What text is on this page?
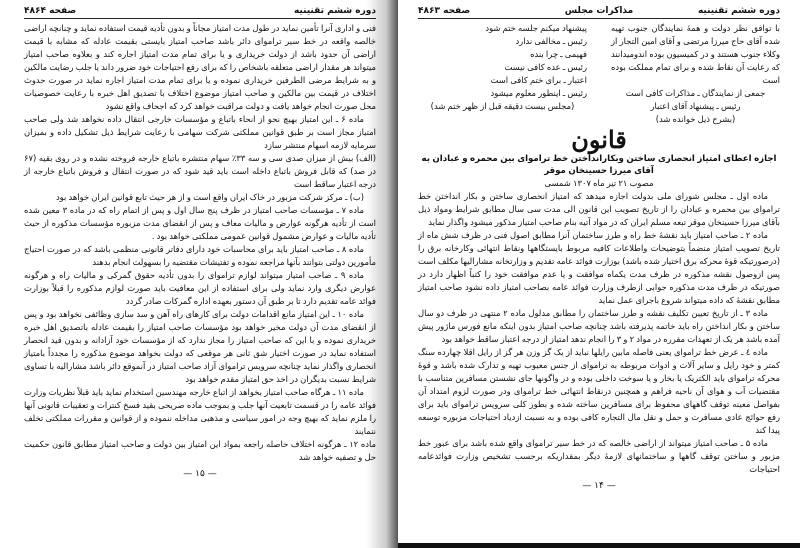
دوره ششم تقنینیه
صفحه ۴۸۶۴

فنی و اداری آنرا تأمین نماید در طول مدت امتیاز مجاناً و بدون تأدیه قیمت استفاده نماید و چنانچه اراضی خالصه واقعه در خط سیر تراموای دائر باشد صاحب امتیاز بایستی بقیمت عادله که مشابه با قیمت اراضی آن حدود باشد از دولت خریداری و یا برای تمام مدت امتیاز اجاره کند و بعلاوه صاحب امتیاز میتواند هر مقدار اراضی متعلقه باشخاص را که برای رفع احتیاجات خود ضرور داند یا جلب رضایت مالکین و به شرایط مرضی الطرفین خریداری نموده و یا برای تمام مدت امتیاز اجاره نماید در صورت حدوث اختلاف در قیمت بین مالکین و صاحب امتیاز موضوع اختلاف با تصدیق اهل خبره با رعایت خصوصیات محل صورت انجام خواهد یافت و دولت مراقبت خواهد کرد که اجحاف واقع نشود

ماده ۶ ـ این امتیاز بهیچ نحو از انحاء باتباع و مؤسسات خارجی انتقال داده نخواهد شد ولی صاحب امتیاز مجاز است بر طبق قوانین مملکتی شرکت سهامی با رعایت شرایط ذیل تشکیل داده و بمیزان سرمایه لازمه اسهام منتشر سازد

(الف) بیش از میزان صدی سی و سه ۳۳٪ سهام منتشره باتباع خارجه فروخته نشده و در روی بقیه (۶۷ در صد) که قابل فروش باتباع داخله است باید قید شود که در صورت انتقال و فروش باتباع خارجه از درجه اعتبار ساقط است

(ب) ـ مرکز شرکت مزبور در خاک ایران واقع است و از هر حیث تابع قوانین ایران خواهد بود

ماده ۷ ـ مؤسسات صاحب امتیاز در ظرف پنج سال اول و پس از اتمام راه که در ماده ۳ معین شده است از تأدیه هرگونه عوارض و مالیات معاف و پس از انقضای مدت مزبوره مؤسسات مذکوره از حیث تأدیه مالیات و عوارض مشمول قوانین عمومی مملکتی خواهد بود .

ماده ۸ ـ صاحب امتیاز باید برای محاسبات خود دارای دفاتر قانونی منظمی باشد که در صورت احتیاج مأمورین دولتی بتوانند بآنها مراجعه نموده و تفتیشات مقتضیه را بسهولت انجام بدهند

ماده ۹ ـ صاحب امتیاز میتواند لوازم تراموای را بدون تأدیه حقوق گمرکی و مالیات راه و هرگونه عوارض دیگری وارد نماید ولی برای استفاده از این معافیت باید صورت لوازم مذکوره را قبلاً بوزارت فوائد عامه تقدیم دارد تا بر طبق آن دستور بعهده اداره گمرکات صادر گردد

ماده ۱۰ ـ این امتیاز مانع اقدامات دولت برای کارهای راه آهن و سد سازی وظائفی نخواهد بود و پس از انقضای مدت آن دولت مخیر خواهد بود مؤسسات صاحب امتیاز را بقیمت عادله باتصدیق اهل خبره خریداری نموده و با این که صاحب امتیاز را مجاز ندارد که از مؤسسات خود آزادانه و بدون قید انحصار استفاده نماید در صورت اختیار شق ثانی هر موقعی که دولت بخواهد موضوع مذکوره را مجدداً بامتیاز انحصاری واگذار نماید چنانچه سرویس تراموای آزاد صاحب امتیاز در آنموقع دائر باشد مشارالیه با تساوی شرایط نسبت بدیگران در اخذ حق امتیاز مقدم خواهد بود

ماده ۱۱ ـ هرگاه صاحب امتیاز بخواهد از اتباع خارجه مهندسین استخدام نماید باید قبلاً نظریات وزارت فوائد عامه را در قسمت تابعیت آنها جلب و بموجب ماده صریحی بقید فسخ کنترات و تعقیبات قانونی آنها را ملزم نماید که بهیچ وجه در امور سیاسی و مذهبی مداخله ننموده و از قوانین و مقررات مملکتی تخلف ننمایند

ماده ۱۲ ـ هرگونه اختلاف حاصله راجعه بمواد این امتیاز بین دولت و صاحب امتیاز مطابق قانون حکمیت حل و تصفیه خواهد شد

— ۱۵ —
دوره ششم تقنینیه
مذاکرات مجلس
صفحه ۴۸۶۳

با توافق نظر دولت و همهٔ نمایندگان جنوب تهیه شده آقای حاج میرزا مرتضی و آقای امین التجار از وکلاء جنوب هستند و در کمیسیون بوده اندومیدانند که رعایت آن نقاط شده و برای تمام مملکت بوده است

جمعی از نمایندگان ـ مذاکرات کافی است

رئیس ـ پیشنهاد آقای اعتبار

(بشرح ذیل خوانده شد)

پیشنهاد میکنم جلسه ختم شود

رئیس ـ مخالفی ندارد

فهیمی ـ چرا بنده

رئیس ـ عده کافی نیست

اعتبار ـ برای ختم کافی است

رئیس ـ اینطور معلوم میشود

(مجلس بیست دقیقه قبل از ظهر ختم شد)

قانون
اجازه اعطای امتیاز انحصاری ساختن وبکارانداختن خط تراموای بین محمره و عبادان به آقای میرزا حسینخان موقر
مصوب ۲۱ تیر ماه ۱۳۰۷ شمسی

ماده اول ـ مجلس شورای ملی بدولت اجازه میدهد که امتیاز انحصاری ساختن و بکار انداختن خط تراموای بین محمره و عبادان را از تاریخ تصویب این قانون الی مدت سی سال مطابق شرایط ومواد ذیل بآقای میرزا حسینخان موقر تبعه مسلم ایران که در مواد آتیه بنام صاحب امتیاز مذکور میشود واگذار نماید

ماده ۲ ـ صاحب امتیاز باید نقشهٔ خط راه و طرز ساختمان آنرا مطابق اصول فنی در ظرف شش ماه از تاریخ تصویب امتیاز منضماً بتوضیحات واطلاعات کافیه مربوط بایستگاهها ونقاط انتهائی وکارخانه برق را (درصورتیکه قوهٔ محرکه برق اختیار شده باشد) بوزارت فوائد عامه تقدیم و وزارتخانه مشارالیها مکلف است پس ازوصول نقشه مذکوره در ظرف مدت یکماه موافقت و یا عدم موافقت خود را کتباً اظهار دارد در صورتیکه در ظرف مدت مذکوره جوابی ازطرف وزارت فوائد عامه بصاحب امتیاز داده نشود صاحب امتیاز مطابق نقشهٔ که داده میتواند شروع باجرای عمل نماید

ماده ۳ ـ از تاریخ تعیین تکلیف نقشه و طرز ساختمان را مطابق مدلول ماده ۲ منتهی در ظرف دو سال ساختن و بکار انداختن راه باید خاتمه پذیرفته باشد چنانچه صاحب امتیاز بدون اینکه مانع فورس ماژور پیش آمده باشد هر یک از تعهدات مقرره در مواد ۲ و ۳ را انجام ندهد امتیاز از درجه اعتبار ساقط خواهد بود

ماده ٤ ـ عرض خط تراموای یعنی فاصله مابین رایلها نباید از یک گز وزن هر گز از رایل اقلا چهارده سنگ کمتر و خود رایل و سایر آلات و ادوات مربوطه به تراموای از جنس معیوب تهیه و تدارک شده باشد و قوهٔ محرکه تراموای باید الکتریک یا بخار و یا سوخت داخلی بوده و در واگونها جای نشستن مسافرین متناسب با مقتضیات آب و هوای آن ناحیه فراهم و همچنین درنقاط انتهائی خط تراموای ودر صورت لزوم امتداد آن بفواصل معینه توقف گاههای محفوظ برای مسافرین ساخته شده و بطور کلی سرویس تراموای باید برای رفع حوائج عادی مسافرت و حمل و نقل مال التجاره کافی بوده و به نسبت ازدیاد احتیاجات مزبوره توسعه پیدا کند

ماده ۵ ـ صاحب امتیاز میتواند از اراضی خالصه که در خط سیر تراموای واقع شده باشد برای عبور خط مزبور و ساختن توقف گاهها و ساختمانهای لازمهٔ دیگر بمقداریکه برحسب تشخیص وزارت فوائدعامه احتیاجات

— ۱۴ —
